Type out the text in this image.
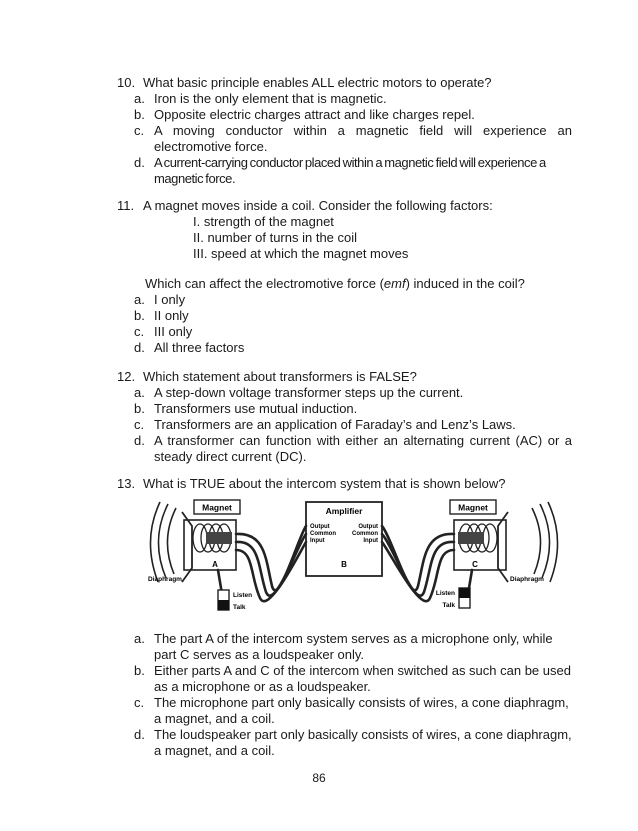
10. What basic principle enables ALL electric motors to operate?
a. Iron is the only element that is magnetic.
b. Opposite electric charges attract and like charges repel.
c. A moving conductor within a magnetic field will experience an electromotive force.
d. A current-carrying conductor placed within a magnetic field will experience a magnetic force.
11. A magnet moves inside a coil. Consider the following factors:
I. strength of the magnet
II. number of turns in the coil
III. speed at which the magnet moves
Which can affect the electromotive force (emf) induced in the coil?
a. I only
b. II only
c. III only
d. All three factors
12. Which statement about transformers is FALSE?
a. A step-down voltage transformer steps up the current.
b. Transformers use mutual induction.
c. Transformers are an application of Faraday’s and Lenz’s Laws.
d. A transformer can function with either an alternating current (AC) or a steady direct current (DC).
13. What is TRUE about the intercom system that is shown below?
Magnet
A
Diaphragm
Magnet
C
Diaphragm
Amplifier
Output
Common
Input
Output
Common
Input
B
Listen
Talk
Listen
Talk
a. The part A of the intercom system serves as a microphone only, while part C serves as a loudspeaker only.
b. Either parts A and C of the intercom when switched as such can be used as a microphone or as a loudspeaker.
c. The microphone part only basically consists of wires, a cone diaphragm, a magnet, and a coil.
d. The loudspeaker part only basically consists of wires, a cone diaphragm, a magnet, and a coil.
86
